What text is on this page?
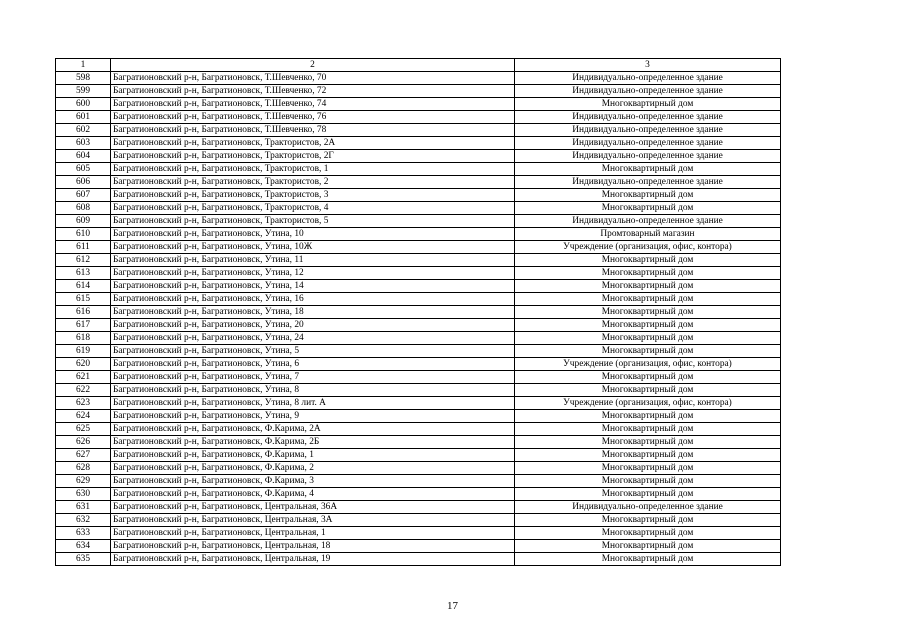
1	2	3
598	Багратионовский р-н, Багратионовск, Т.Шевченко, 70	Индивидуально-определенное здание
599	Багратионовский р-н, Багратионовск, Т.Шевченко, 72	Индивидуально-определенное здание
600	Багратионовский р-н, Багратионовск, Т.Шевченко, 74	Многоквартирный дом
601	Багратионовский р-н, Багратионовск, Т.Шевченко, 76	Индивидуально-определенное здание
602	Багратионовский р-н, Багратионовск, Т.Шевченко, 78	Индивидуально-определенное здание
603	Багратионовский р-н, Багратионовск, Трактористов, 2А	Индивидуально-определенное здание
604	Багратионовский р-н, Багратионовск, Трактористов, 2Г	Индивидуально-определенное здание
605	Багратионовский р-н, Багратионовск, Трактористов, 1	Многоквартирный дом
606	Багратионовский р-н, Багратионовск, Трактористов, 2	Индивидуально-определенное здание
607	Багратионовский р-н, Багратионовск, Трактористов, 3	Многоквартирный дом
608	Багратионовский р-н, Багратионовск, Трактористов, 4	Многоквартирный дом
609	Багратионовский р-н, Багратионовск, Трактористов, 5	Индивидуально-определенное здание
610	Багратионовский р-н, Багратионовск, Утина, 10	Промтоварный магазин
611	Багратионовский р-н, Багратионовск, Утина, 10Ж	Учреждение (организация, офис, контора)
612	Багратионовский р-н, Багратионовск, Утина, 11	Многоквартирный дом
613	Багратионовский р-н, Багратионовск, Утина, 12	Многоквартирный дом
614	Багратионовский р-н, Багратионовск, Утина, 14	Многоквартирный дом
615	Багратионовский р-н, Багратионовск, Утина, 16	Многоквартирный дом
616	Багратионовский р-н, Багратионовск, Утина, 18	Многоквартирный дом
617	Багратионовский р-н, Багратионовск, Утина, 20	Многоквартирный дом
618	Багратионовский р-н, Багратионовск, Утина, 24	Многоквартирный дом
619	Багратионовский р-н, Багратионовск, Утина, 5	Многоквартирный дом
620	Багратионовский р-н, Багратионовск, Утина, 6	Учреждение (организация, офис, контора)
621	Багратионовский р-н, Багратионовск, Утина, 7	Многоквартирный дом
622	Багратионовский р-н, Багратионовск, Утина, 8	Многоквартирный дом
623	Багратионовский р-н, Багратионовск, Утина, 8 лит. А	Учреждение (организация, офис, контора)
624	Багратионовский р-н, Багратионовск, Утина, 9	Многоквартирный дом
625	Багратионовский р-н, Багратионовск, Ф.Карима, 2А	Многоквартирный дом
626	Багратионовский р-н, Багратионовск, Ф.Карима, 2Б	Многоквартирный дом
627	Багратионовский р-н, Багратионовск, Ф.Карима, 1	Многоквартирный дом
628	Багратионовский р-н, Багратионовск, Ф.Карима, 2	Многоквартирный дом
629	Багратионовский р-н, Багратионовск, Ф.Карима, 3	Многоквартирный дом
630	Багратионовский р-н, Багратионовск, Ф.Карима, 4	Многоквартирный дом
631	Багратионовский р-н, Багратионовск, Центральная, 36А	Индивидуально-определенное здание
632	Багратионовский р-н, Багратионовск, Центральная, 3А	Многоквартирный дом
633	Багратионовский р-н, Багратионовск, Центральная, 1	Многоквартирный дом
634	Багратионовский р-н, Багратионовск, Центральная, 18	Многоквартирный дом
635	Багратионовский р-н, Багратионовск, Центральная, 19	Многоквартирный дом
17
